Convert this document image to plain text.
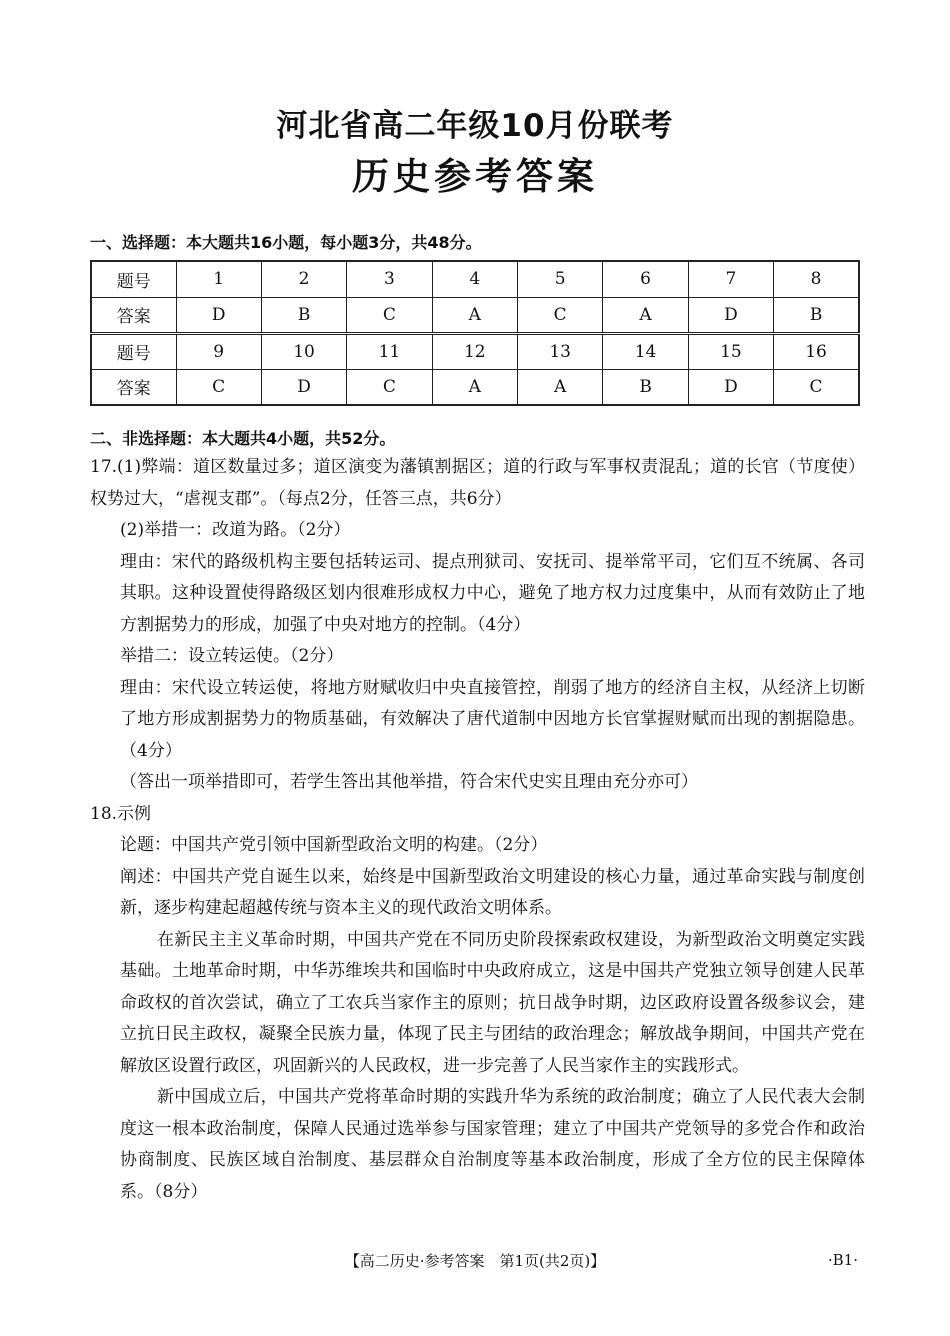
河北省高二年级10月份联考
历史参考答案
一、选择题：本大题共16小题，每小题3分，共48分。
题号	1	2	3	4	5	6	7	8
答案	D	B	C	A	C	A	D	B
题号	9	10	11	12	13	14	15	16
答案	C	D	C	A	A	B	D	C
二、非选择题：本大题共4小题，共52分。

17.(1)弊端：道区数量过多；道区演变为藩镇割据区；道的行政与军事权责混乱；道的长官（节度使）权势过大，“虐视支郡”。（每点2分，任答三点，共6分）

(2)举措一：改道为路。（2分）

理由：宋代的路级机构主要包括转运司、提点刑狱司、安抚司、提举常平司，它们互不统属、各司其职。这种设置使得路级区划内很难形成权力中心，避免了地方权力过度集中，从而有效防止了地方割据势力的形成，加强了中央对地方的控制。（4分）

举措二：设立转运使。（2分）

理由：宋代设立转运使，将地方财赋收归中央直接管控，削弱了地方的经济自主权，从经济上切断了地方形成割据势力的物质基础，有效解决了唐代道制中因地方长官掌握财赋而出现的割据隐患。（4分）

（答出一项举措即可，若学生答出其他举措，符合宋代史实且理由充分亦可）

18.示例

论题：中国共产党引领中国新型政治文明的构建。（2分）

阐述：中国共产党自诞生以来，始终是中国新型政治文明建设的核心力量，通过革命实践与制度创新，逐步构建起超越传统与资本主义的现代政治文明体系。

在新民主主义革命时期，中国共产党在不同历史阶段探索政权建设，为新型政治文明奠定实践基础。土地革命时期，中华苏维埃共和国临时中央政府成立，这是中国共产党独立领导创建人民革命政权的首次尝试，确立了工农兵当家作主的原则；抗日战争时期，边区政府设置各级参议会，建立抗日民主政权，凝聚全民族力量，体现了民主与团结的政治理念；解放战争期间，中国共产党在解放区设置行政区，巩固新兴的人民政权，进一步完善了人民当家作主的实践形式。

新中国成立后，中国共产党将革命时期的实践升华为系统的政治制度；确立了人民代表大会制度这一根本政治制度，保障人民通过选举参与国家管理；建立了中国共产党领导的多党合作和政治协商制度、民族区域自治制度、基层群众自治制度等基本政治制度，形成了全方位的民主保障体系。（8分）

【高二历史·参考答案　第1页(共2页)】	·B1·
